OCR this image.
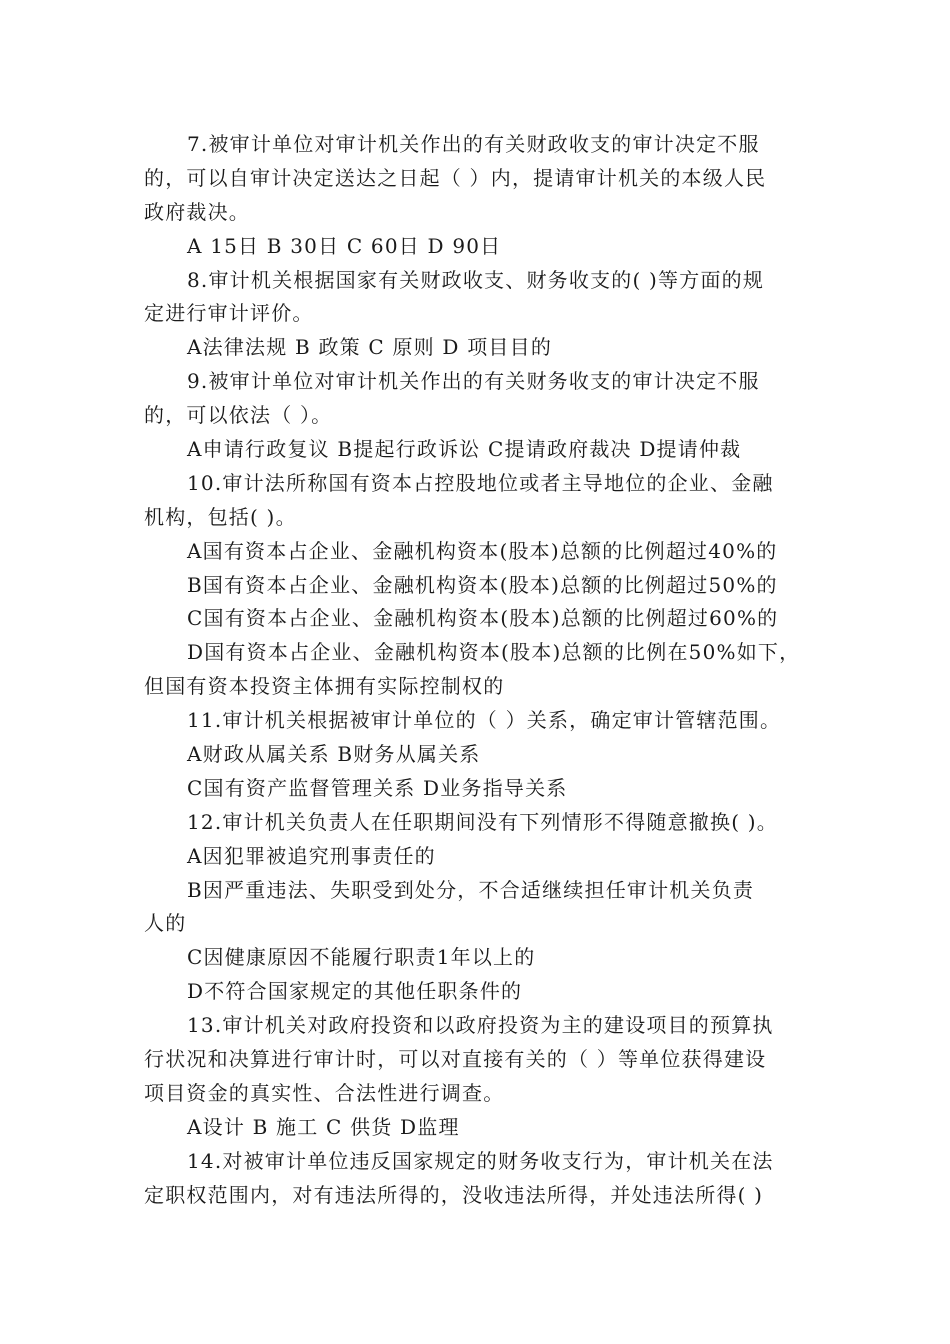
7.被审计单位对审计机关作出的有关财政收支的审计决定不服
的，可以自审计决定送达之日起（ ）内，提请审计机关的本级人民
政府裁决。
A 15日 B 30日 C 60日 D 90日
8.审计机关根据国家有关财政收支、财务收支的( )等方面的规
定进行审计评价。
A法律法规 B 政策 C 原则 D 项目目的
9.被审计单位对审计机关作出的有关财务收支的审计决定不服
的，可以依法（ ）。
A申请行政复议 B提起行政诉讼 C提请政府裁决 D提请仲裁
10.审计法所称国有资本占控股地位或者主导地位的企业、金融
机构，包括( )。
A国有资本占企业、金融机构资本(股本)总额的比例超过40%的
B国有资本占企业、金融机构资本(股本)总额的比例超过50%的
C国有资本占企业、金融机构资本(股本)总额的比例超过60%的
D国有资本占企业、金融机构资本(股本)总额的比例在50%如下，
但国有资本投资主体拥有实际控制权的
11.审计机关根据被审计单位的（ ）关系，确定审计管辖范围。
A财政从属关系 B财务从属关系
C国有资产监督管理关系 D业务指导关系
12.审计机关负责人在任职期间没有下列情形不得随意撤换( )。
A因犯罪被追究刑事责任的
B因严重违法、失职受到处分，不合适继续担任审计机关负责
人的
C因健康原因不能履行职责1年以上的
D不符合国家规定的其他任职条件的
13.审计机关对政府投资和以政府投资为主的建设项目的预算执
行状况和决算进行审计时，可以对直接有关的（ ）等单位获得建设
项目资金的真实性、合法性进行调查。
A设计 B 施工 C 供货 D监理
14.对被审计单位违反国家规定的财务收支行为，审计机关在法
定职权范围内，对有违法所得的，没收违法所得，并处违法所得( )
